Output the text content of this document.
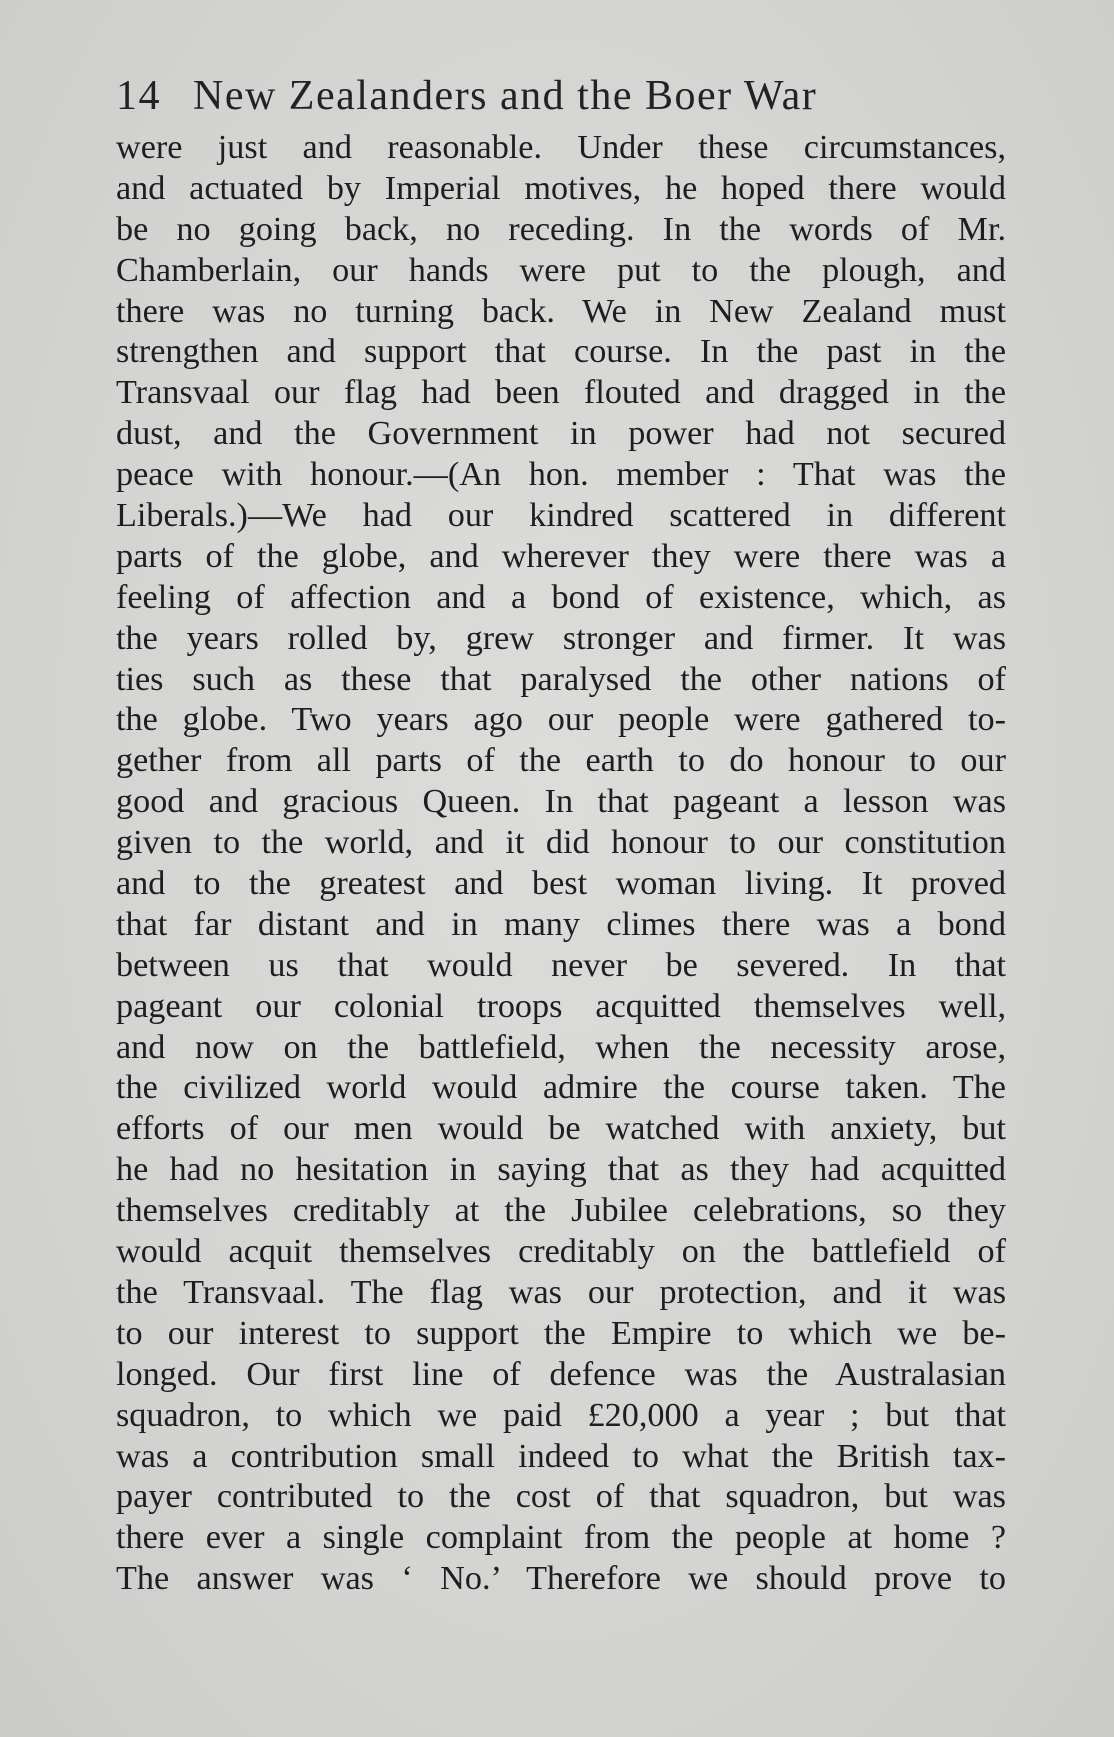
14 New Zealanders and the Boer War
were just and reasonable. Under these circumstances,
and actuated by Imperial motives, he hoped there would
be no going back, no receding. In the words of Mr.
Chamberlain, our hands were put to the plough, and
there was no turning back. We in New Zealand must
strengthen and support that course. In the past in the
Transvaal our flag had been flouted and dragged in the
dust, and the Government in power had not secured
peace with honour.—(An hon. member : That was the
Liberals.)—We had our kindred scattered in different
parts of the globe, and wherever they were there was a
feeling of affection and a bond of existence, which, as
the years rolled by, grew stronger and firmer. It was
ties such as these that paralysed the other nations of
the globe. Two years ago our people were gathered to-
gether from all parts of the earth to do honour to our
good and gracious Queen. In that pageant a lesson was
given to the world, and it did honour to our constitution
and to the greatest and best woman living. It proved
that far distant and in many climes there was a bond
between us that would never be severed. In that
pageant our colonial troops acquitted themselves well,
and now on the battlefield, when the necessity arose,
the civilized world would admire the course taken. The
efforts of our men would be watched with anxiety, but
he had no hesitation in saying that as they had acquitted
themselves creditably at the Jubilee celebrations, so they
would acquit themselves creditably on the battlefield of
the Transvaal. The flag was our protection, and it was
to our interest to support the Empire to which we be-
longed. Our first line of defence was the Australasian
squadron, to which we paid £20,000 a year ; but that
was a contribution small indeed to what the British tax-
payer contributed to the cost of that squadron, but was
there ever a single complaint from the people at home ?
The answer was ‘ No.’ Therefore we should prove to
